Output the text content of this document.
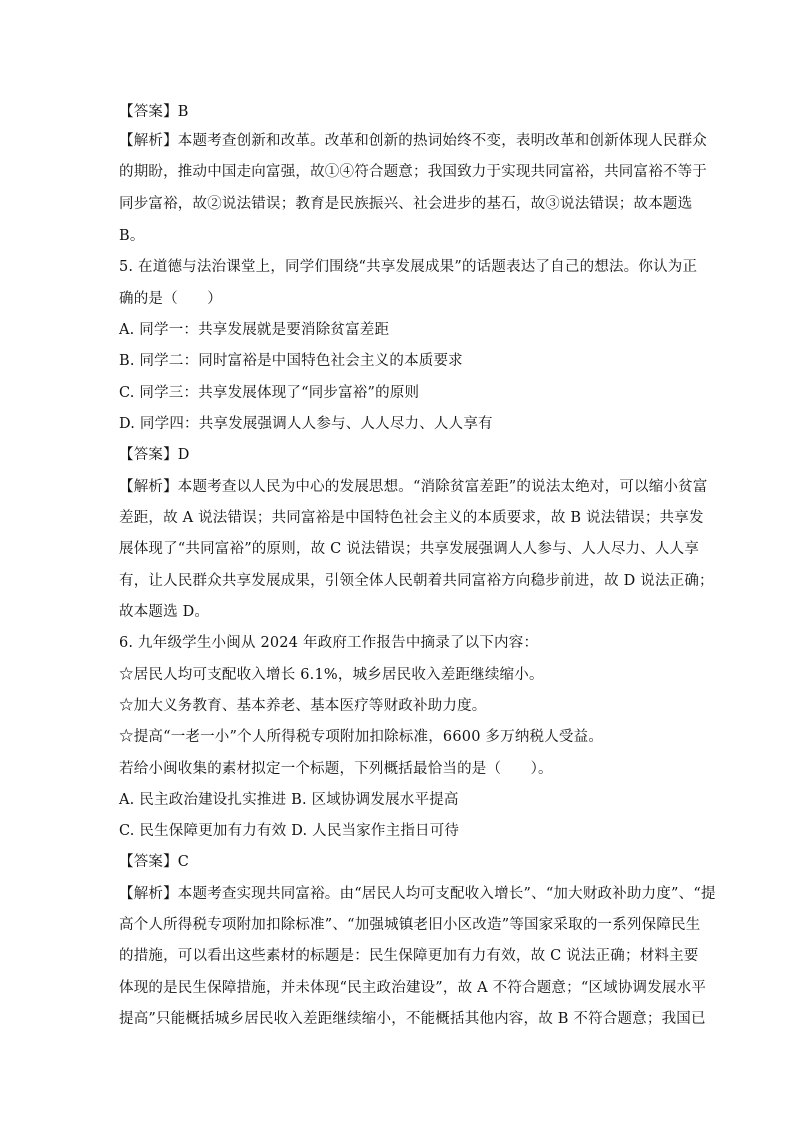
【答案】B
【解析】本题考查创新和改革。改革和创新的热词始终不变，表明改革和创新体现人民群众
的期盼，推动中国走向富强，故①④符合题意；我国致力于实现共同富裕，共同富裕不等于
同步富裕，故②说法错误；教育是民族振兴、社会进步的基石，故③说法错误；故本题选
B。
5. 在道德与法治课堂上，同学们围绕“共享发展成果”的话题表达了自己的想法。你认为正
确的是（　　）
A. 同学一：共享发展就是要消除贫富差距
B. 同学二：同时富裕是中国特色社会主义的本质要求
C. 同学三：共享发展体现了“同步富裕”的原则
D. 同学四：共享发展强调人人参与、人人尽力、人人享有
【答案】D
【解析】本题考查以人民为中心的发展思想。“消除贫富差距”的说法太绝对，可以缩小贫富
差距，故 A 说法错误；共同富裕是中国特色社会主义的本质要求，故 B 说法错误；共享发
展体现了“共同富裕”的原则，故 C 说法错误；共享发展强调人人参与、人人尽力、人人享
有，让人民群众共享发展成果，引领全体人民朝着共同富裕方向稳步前进，故 D 说法正确；
故本题选 D。
6. 九年级学生小闽从 2024 年政府工作报告中摘录了以下内容：
☆居民人均可支配收入增长 6.1%，城乡居民收入差距继续缩小。
☆加大义务教育、基本养老、基本医疗等财政补助力度。
☆提高“一老一小”个人所得税专项附加扣除标准，6600 多万纳税人受益。
若给小闽收集的素材拟定一个标题，下列概括最恰当的是（　　）。
A. 民主政治建设扎实推进 B. 区域协调发展水平提高
C. 民生保障更加有力有效 D. 人民当家作主指日可待
【答案】C
【解析】本题考查实现共同富裕。由“居民人均可支配收入增长”、“加大财政补助力度”、“提
高个人所得税专项附加扣除标准”、“加强城镇老旧小区改造”等国家采取的一系列保障民生
的措施，可以看出这些素材的标题是：民生保障更加有力有效，故 C 说法正确；材料主要
体现的是民生保障措施，并未体现“民主政治建设”，故 A 不符合题意；“区域协调发展水平
提高”只能概括城乡居民收入差距继续缩小，不能概括其他内容，故 B 不符合题意；我国已
